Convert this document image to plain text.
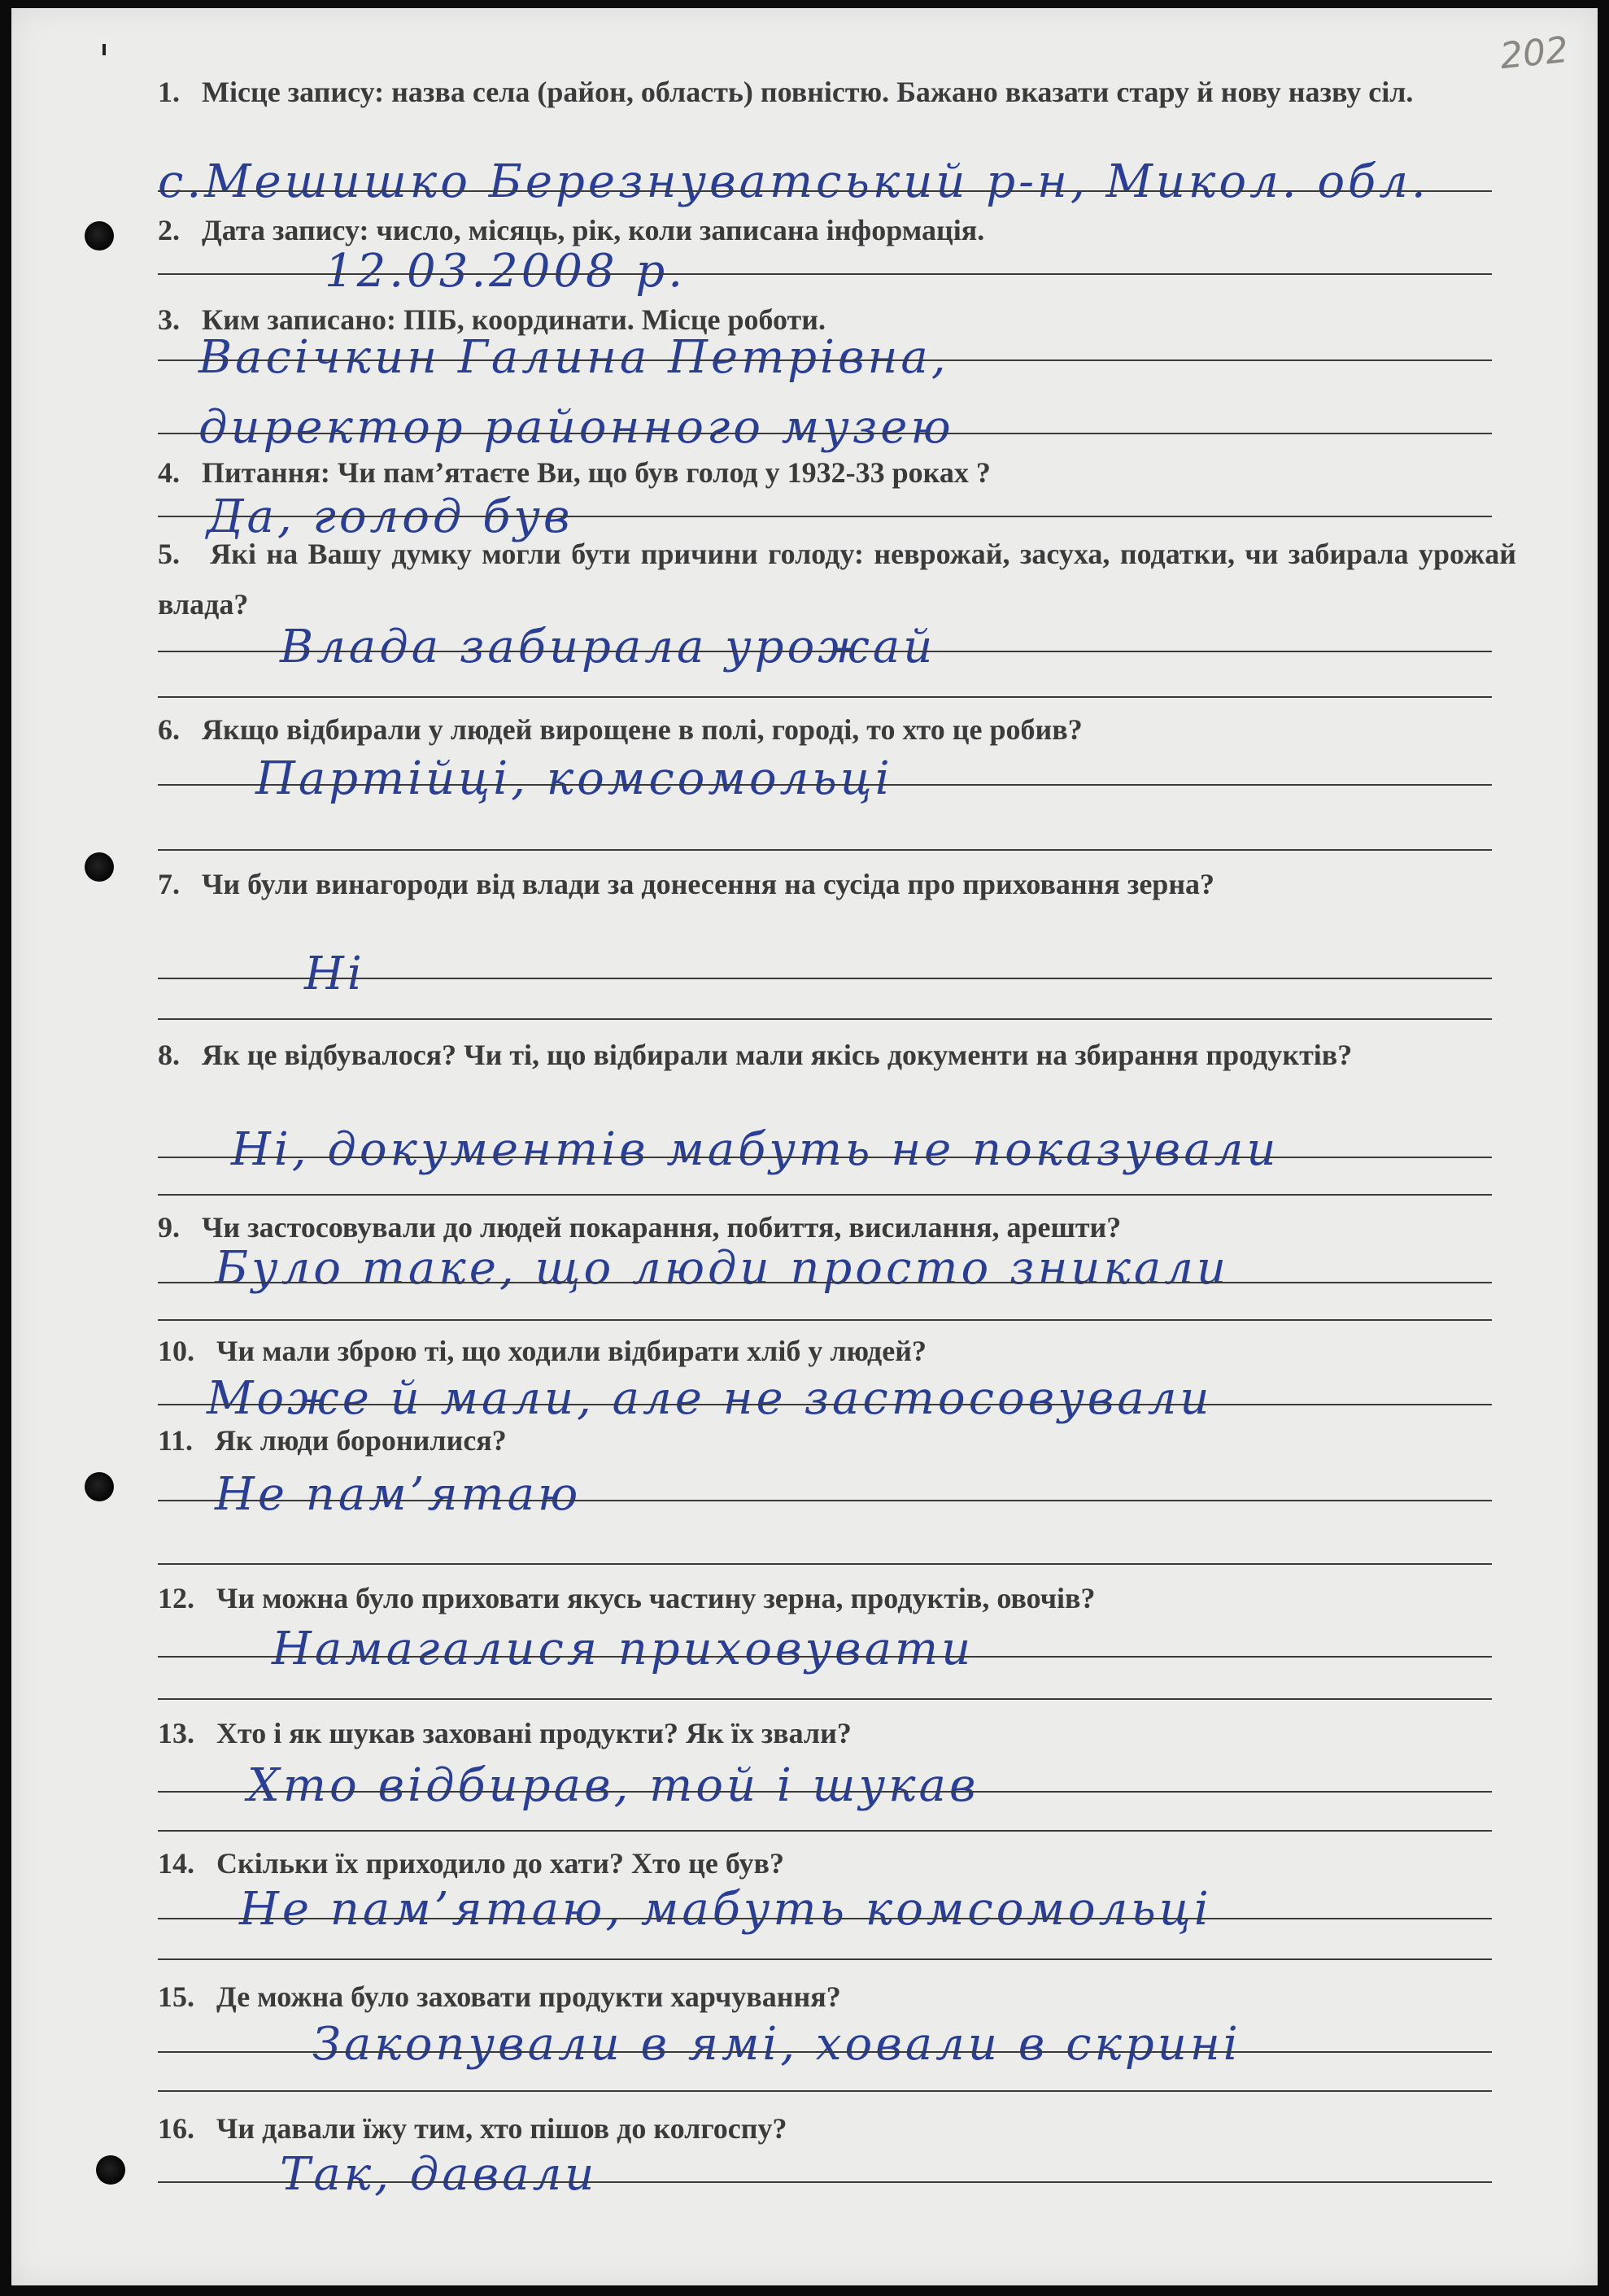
202

1. Місце запису: назва села (район, область) повністю. Бажано вказати стару й нову назву сіл.

с.Мешишко Березнуватський р-н, Микол. обл.

2. Дата запису: число, місяць, рік, коли записана інформація.

12.03.2008 р.

3. Ким записано: ПІБ, координати. Місце роботи.

Васічкин Галина Петрівна,
директор районного музею

4. Питання: Чи пам’ятаєте Ви, що був голод у 1932-33 роках ?

Да, голод був

5. Які на Вашу думку могли бути причини голоду: неврожай, засуха, податки, чи забирала урожай влада?

Влада забирала урожай

6. Якщо відбирали у людей вирощене в полі, городі, то хто це робив?

Партійці, комсомольці

7. Чи були винагороди від влади за донесення на сусіда про приховання зерна?

Ні

8. Як це відбувалося? Чи ті, що відбирали мали якісь документи на збирання продуктів?

Ні, документів мабуть не показували

9. Чи застосовували до людей покарання, побиття, висилання, арешти?

Було таке, що люди просто зникали

10. Чи мали зброю ті, що ходили відбирати хліб у людей?

Може й мали, але не застосовували

11. Як люди боронилися?

Не пам’ятаю

12. Чи можна було приховати якусь частину зерна, продуктів, овочів?

Намагалися приховувати

13. Хто і як шукав заховані продукти? Як їх звали?

Хто відбирав, той і шукав

14. Скільки їх приходило до хати? Хто це був?

Не пам’ятаю, мабуть комсомольці

15. Де можна було заховати продукти харчування?

Закопували в ямі, ховали в скрині

16. Чи давали їжу тим, хто пішов до колгоспу?

Так, давали
